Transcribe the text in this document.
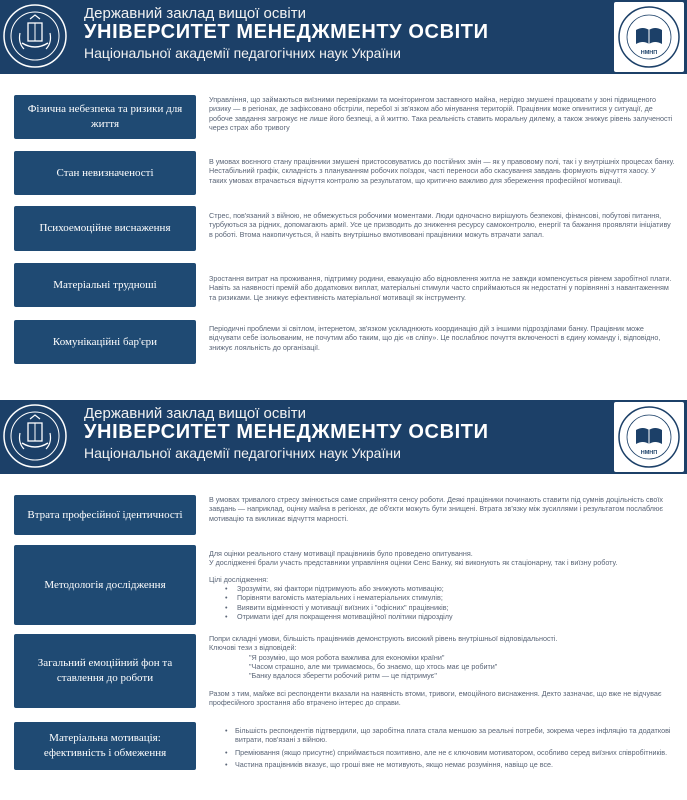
Державний заклад вищої освіти
УНІВЕРСИТЕТ МЕНЕДЖМЕНТУ ОСВІТИ
Національної академії педагогічних наук України	НМНП
Фізична небезпека та ризики для життя
Управління, що займаються виїзними перевірками та моніторингом заставного майна, нерідко змушені працювати у зоні підвищеного ризику — в регіонах, де зафіксовано обстріли, перебої зі зв'язком або мінування територій. Працівник може опинитися у ситуації, де робоче завдання загрожує не лише його безпеці, а й життю. Така реальність ставить моральну дилему, а також знижує рівень залученості через страх або тривогу
Стан невизначеності
В умовах воєнного стану працівники змушені пристосовуватись до постійних змін — як у правовому полі, так і у внутрішніх процесах банку. Нестабільний графік, складність з плануванням робочих поїздок, часті переноси або скасування завдань формують відчуття хаосу. У таких умовах втрачається відчуття контролю за результатом, що критично важливо для збереження професійної мотивації.
Психоемоційне виснаження
Стрес, пов'язаний з війною, не обмежується робочими моментами. Люди одночасно вирішують безпекові, фінансові, побутові питання, турбуються за рідних, допомагають армії. Усе це призводить до зниження ресурсу самоконтролю, енергії та бажання проявляти ініціативу в роботі. Втома накопичується, й навіть внутрішньо вмотивовані працівники можуть втрачати запал.
Матеріальні трудноші
Зростання витрат на проживання, підтримку родини, евакуацію або відновлення житла не завжди компенсується рівнем заробітної плати. Навіть за наявності премій або додаткових виплат, матеріальні стимули часто сприймаються як недостатні у порівнянні з навантаженням та ризиками. Це знижує ефективність матеріальної мотивації як інструменту.
Комунікаційні бар'єри
Періодичні проблеми зі світлом, інтернетом, зв'язком ускладнюють координацію дій з іншими підрозділами банку. Працівник може відчувати себе ізольованим, не почутим або таким, що діє «в сліпу». Це послаблює почуття включеності в єдину команду і, відповідно, знижує лояльність до організації.
Державний заклад вищої освіти
УНІВЕРСИТЕТ МЕНЕДЖМЕНТУ ОСВІТИ
Національної академії педагогічних наук України	НМНП
Втрата професійної ідентичності
В умовах тривалого стресу змінюється саме сприйняття сенсу роботи. Деякі працівники починають ставити під сумнів доцільність своїх завдань — наприклад, оцінку майна в регіонах, де об'єкти можуть бути знищені. Втрата зв'язку між зусиллями і результатом послаблює мотивацію та викликає відчуття марності.
Методологія дослідження

Для оцінки реального стану мотивації працівників було проведено опитування.

У дослідженні брали участь представники управління оцінки Сенс Банку, які виконують як стаціонарну, так і виїзну роботу.

Цілі дослідження:

• Зрозуміти, які фактори підтримують або знижують мотивацію;
• Порівняти вагомість матеріальних і нематеріальних стимулів;
• Виявити відмінності у мотивації виїзних і "офісних" працівників;
• Отримати ідеї для покращення мотиваційної політики підрозділу
Загальний емоційний фон та ставлення до роботи

Попри складні умови, більшість працівників демонструють високий рівень внутрішньої відповідальності.

Ключові тези з відповідей:

"Я розумію, що моя робота важлива для економіки країни"

"Часом страшно, але ми тримаємось, бо знаємо, що хтось має це робити"

"Банку вдалося зберегти робочий ритм — це підтримує"

Разом з тим, майже всі респонденти вказали на наявність втоми, тривоги, емоційного виснаження. Дехто зазначає, що вже не відчуває професійного зростання або втрачено інтерес до справи.

Матеріальна мотивація: ефективність і обмеження

• Більшість респондентів підтвердили, що заробітна плата стала меншою за реальні потреби, зокрема через інфляцію та додаткові витрати, пов'язані з війною.

• Преміювання (якщо присутнє) сприймається позитивно, але не є ключовим мотиватором, особливо серед виїзних співробітників.

• Частина працівників вказує, що гроші вже не мотивують, якщо немає розуміння, навіщо це все.
